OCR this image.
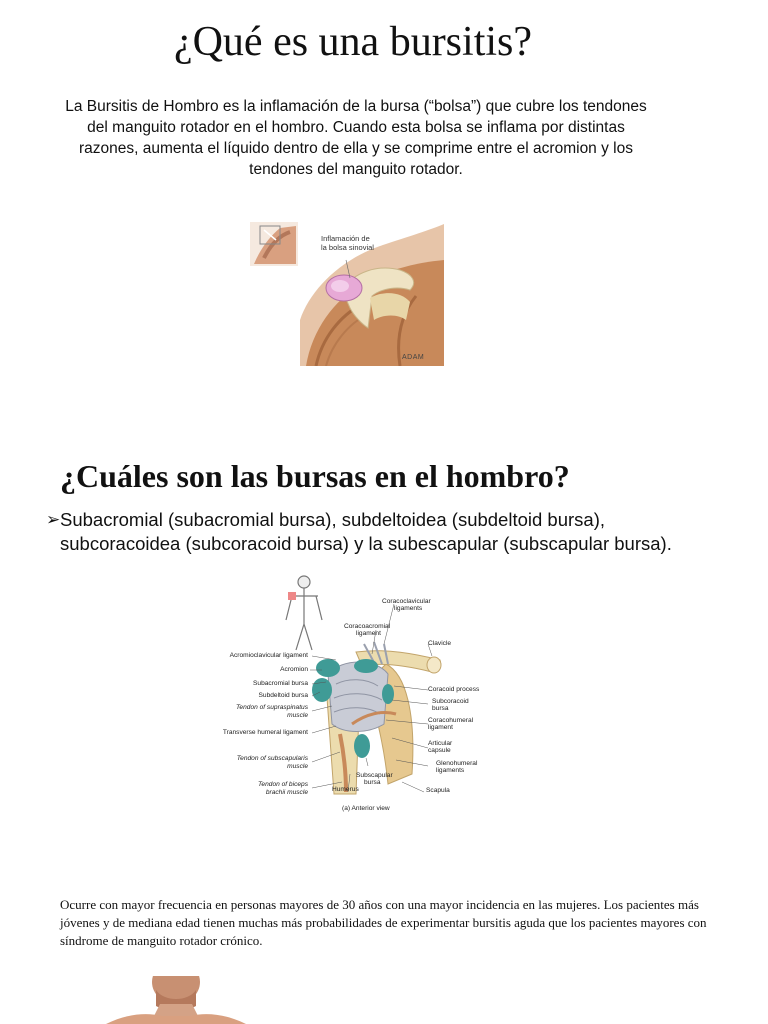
¿Qué es una bursitis?
La Bursitis de Hombro es la inflamación de la bursa (“bolsa”) que cubre los tendones del manguito rotador en el hombro. Cuando esta bolsa se inflama por distintas razones, aumenta el líquido dentro de ella y se comprime entre el acromion y los tendones del manguito rotador.
Inflamación de
la bolsa sinovial
ADAM
¿Cuáles son las bursas en el hombro?
➢ Subacromial (subacromial bursa), subdeltoidea (subdeltoid bursa), subcoracoidea (subcoracoid bursa) y la subescapular (subscapular bursa).
Acromioclavicular ligament
Acromion
Subacromial bursa
Subdeltoid bursa
Tendon of supraspinatus
muscle
Transverse humeral ligament
Tendon of subscapularis
muscle
Tendon of biceps
brachii muscle
Coracoclavicular
ligaments
Coracoacromial
ligament
Clavicle
Coracoid process
Subcoracoid
bursa
Coracohumeral
ligament
Articular
capsule
Glenohumeral
ligaments
Scapula
Humerus
Subscapular
bursa
(a) Anterior view
Ocurre con mayor frecuencia en personas mayores de 30 años con una mayor incidencia en las mujeres. Los pacientes más jóvenes y de mediana edad tienen muchas más probabilidades de experimentar bursitis aguda que los pacientes mayores con síndrome de manguito rotador crónico.
